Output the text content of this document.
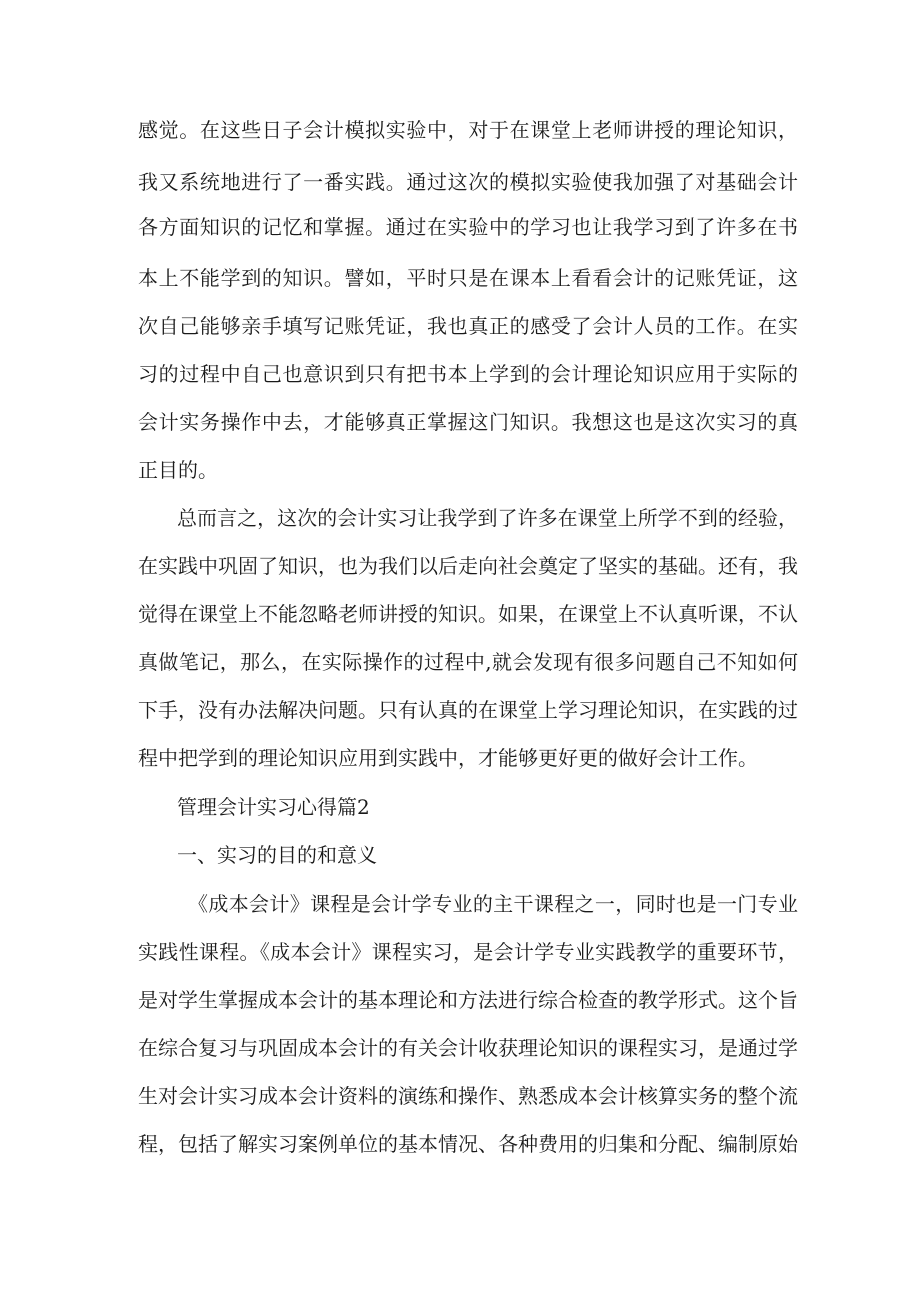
感觉。在这些日子会计模拟实验中，对于在课堂上老师讲授的理论知识，
我又系统地进行了一番实践。通过这次的模拟实验使我加强了对基础会计
各方面知识的记忆和掌握。通过在实验中的学习也让我学习到了许多在书
本上不能学到的知识。譬如，平时只是在课本上看看会计的记账凭证，这
次自己能够亲手填写记账凭证，我也真正的感受了会计人员的工作。在实
习的过程中自己也意识到只有把书本上学到的会计理论知识应用于实际的
会计实务操作中去，才能够真正掌握这门知识。我想这也是这次实习的真
正目的。
总而言之，这次的会计实习让我学到了许多在课堂上所学不到的经验，
在实践中巩固了知识，也为我们以后走向社会奠定了坚实的基础。还有，我
觉得在课堂上不能忽略老师讲授的知识。如果，在课堂上不认真听课，不认
真做笔记，那么，在实际操作的过程中,就会发现有很多问题自己不知如何
下手，没有办法解决问题。只有认真的在课堂上学习理论知识，在实践的过
程中把学到的理论知识应用到实践中，才能够更好更的做好会计工作。
管理会计实习心得篇2
一、实习的目的和意义
《成本会计》课程是会计学专业的主干课程之一，同时也是一门专业
实践性课程。《成本会计》课程实习，是会计学专业实践教学的重要环节，
是对学生掌握成本会计的基本理论和方法进行综合检查的教学形式。这个旨
在综合复习与巩固成本会计的有关会计收获理论知识的课程实习，是通过学
生对会计实习成本会计资料的演练和操作、熟悉成本会计核算实务的整个流
程，包括了解实习案例单位的基本情况、各种费用的归集和分配、编制原始
